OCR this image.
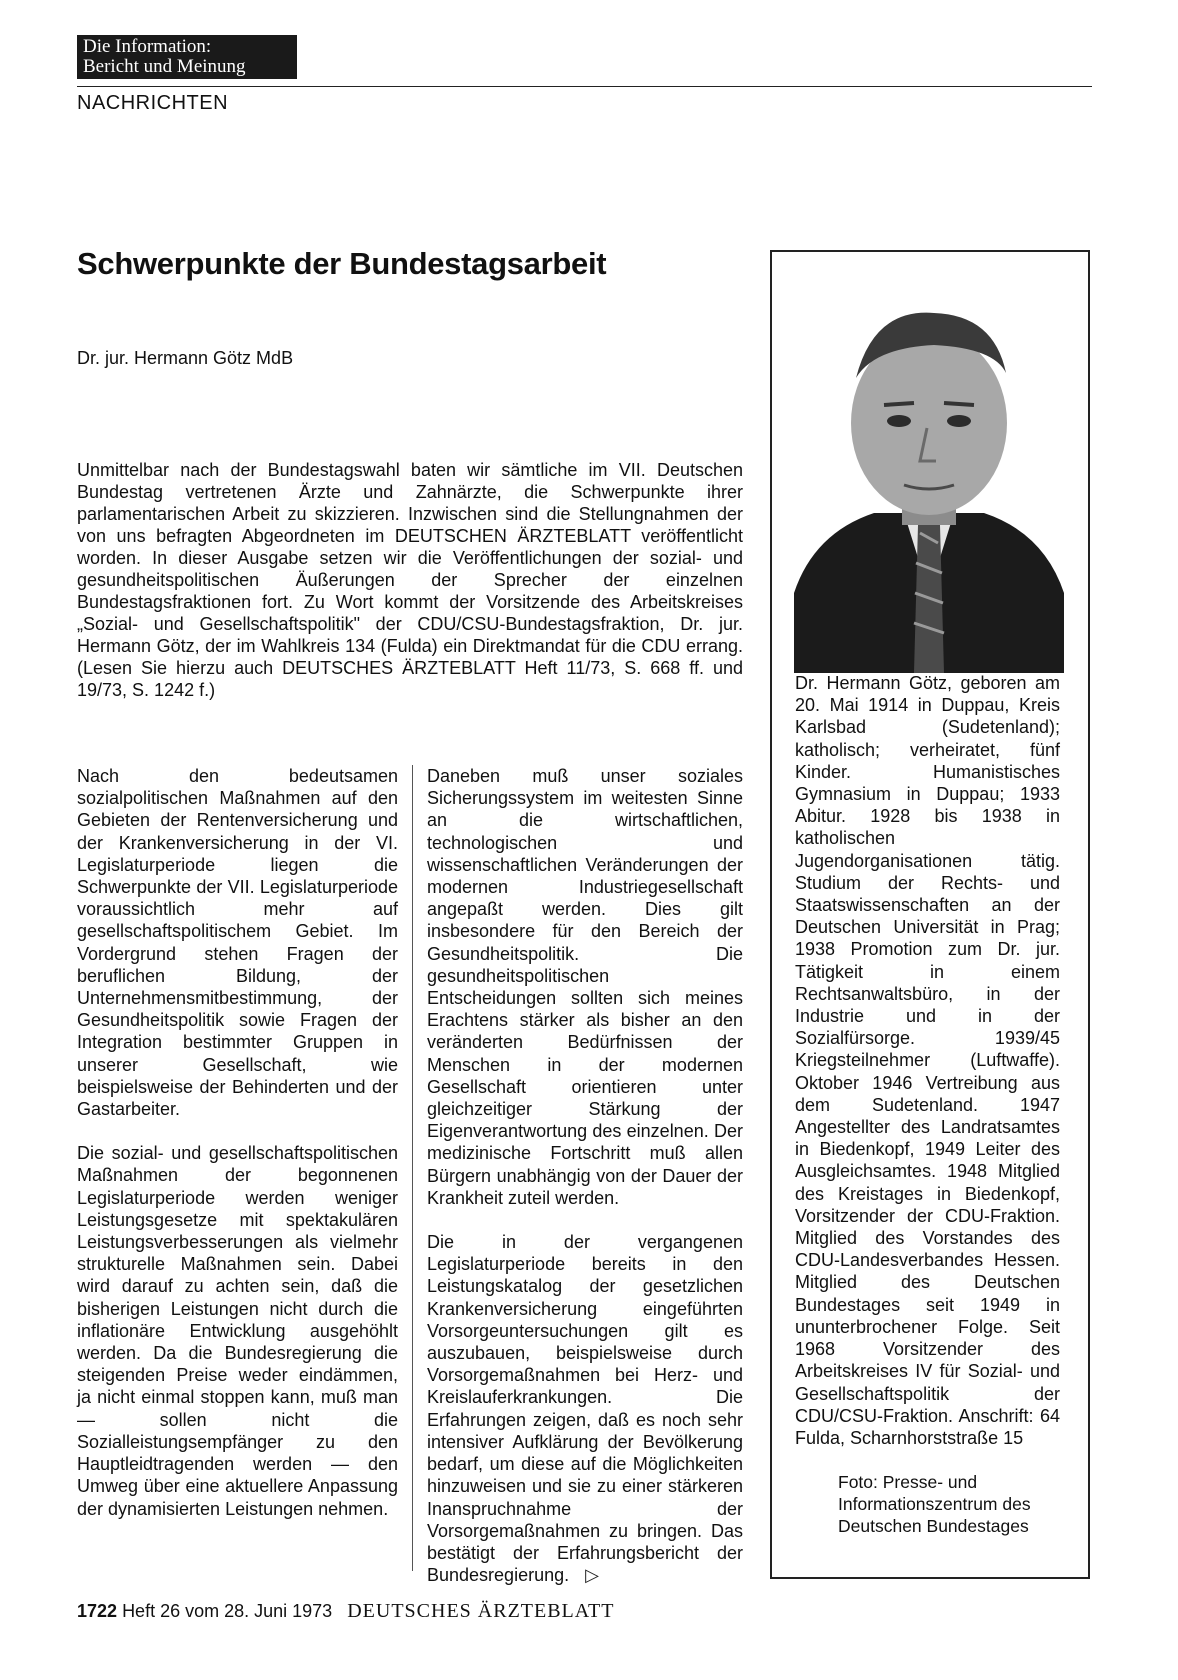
Die Information:
Bericht und Meinung
NACHRICHTEN
Schwerpunkte der Bundestagsarbeit
Dr. jur. Hermann Götz MdB
Unmittelbar nach der Bundestagswahl baten wir sämtliche im VII. Deutschen Bundestag vertretenen Ärzte und Zahnärzte, die Schwerpunkte ihrer parlamentarischen Arbeit zu skizzieren. Inzwischen sind die Stellungnahmen der von uns befragten Abgeordneten im DEUTSCHEN ÄRZTEBLATT veröffentlicht worden. In dieser Ausgabe setzen wir die Veröffentlichungen der sozial- und gesundheitspolitischen Äußerungen der Sprecher der einzelnen Bundestagsfraktionen fort. Zu Wort kommt der Vorsitzende des Arbeitskreises „Sozial- und Gesellschaftspolitik" der CDU/CSU-Bundestagsfraktion, Dr. jur. Hermann Götz, der im Wahlkreis 134 (Fulda) ein Direktmandat für die CDU errang. (Lesen Sie hierzu auch DEUTSCHES ÄRZTEBLATT Heft 11/73, S. 668 ff. und 19/73, S. 1242 f.)

Nach den bedeutsamen sozialpolitischen Maßnahmen auf den Gebieten der Rentenversicherung und der Krankenversicherung in der VI. Legislaturperiode liegen die Schwerpunkte der VII. Legislaturperiode voraussichtlich mehr auf gesellschaftspolitischem Gebiet. Im Vordergrund stehen Fragen der beruflichen Bildung, der Unternehmensmitbestimmung, der Gesundheitspolitik sowie Fragen der Integration bestimmter Gruppen in unserer Gesellschaft, wie beispielsweise der Behinderten und der Gastarbeiter.

Die sozial- und gesellschaftspolitischen Maßnahmen der begonnenen Legislaturperiode werden weniger Leistungsgesetze mit spektakulären Leistungsverbesserungen als vielmehr strukturelle Maßnahmen sein. Dabei wird darauf zu achten sein, daß die bisherigen Leistungen nicht durch die inflationäre Entwicklung ausgehöhlt werden. Da die Bundesregierung die steigenden Preise weder eindämmen, ja nicht einmal stoppen kann, muß man — sollen nicht die Sozialleistungsempfänger zu den Hauptleidtragenden werden — den Umweg über eine aktuellere Anpassung der dynamisierten Leistungen nehmen.

Daneben muß unser soziales Sicherungssystem im weitesten Sinne an die wirtschaftlichen, technologischen und wissenschaftlichen Veränderungen der modernen Industriegesellschaft angepaßt werden. Dies gilt insbesondere für den Bereich der Gesundheitspolitik. Die gesundheitspolitischen Entscheidungen sollten sich meines Erachtens stärker als bisher an den veränderten Bedürfnissen der Menschen in der modernen Gesellschaft orientieren unter gleichzeitiger Stärkung der Eigenverantwortung des einzelnen. Der medizinische Fortschritt muß allen Bürgern unabhängig von der Dauer der Krankheit zuteil werden.

Die in der vergangenen Legislaturperiode bereits in den Leistungskatalog der gesetzlichen Krankenversicherung eingeführten Vorsorgeuntersuchungen gilt es auszubauen, beispielsweise durch Vorsorgemaßnahmen bei Herz- und Kreislauferkrankungen. Die Erfahrungen zeigen, daß es noch sehr intensiver Aufklärung der Bevölkerung bedarf, um diese auf die Möglichkeiten hinzuweisen und sie zu einer stärkeren Inanspruchnahme der Vorsorgemaßnahmen zu bringen. Das bestätigt der Erfahrungsbericht der Bundesregierung. ▷

Dr. Hermann Götz, geboren am 20. Mai 1914 in Duppau, Kreis Karlsbad (Sudetenland); katholisch; verheiratet, fünf Kinder. Humanistisches Gymnasium in Duppau; 1933 Abitur. 1928 bis 1938 in katholischen Jugendorganisationen tätig. Studium der Rechts- und Staatswissenschaften an der Deutschen Universität in Prag; 1938 Promotion zum Dr. jur. Tätigkeit in einem Rechtsanwaltsbüro, in der Industrie und in der Sozialfürsorge. 1939/45 Kriegsteilnehmer (Luftwaffe). Oktober 1946 Vertreibung aus dem Sudetenland. 1947 Angestellter des Landratsamtes in Biedenkopf, 1949 Leiter des Ausgleichsamtes. 1948 Mitglied des Kreistages in Biedenkopf, Vorsitzender der CDU-Fraktion. Mitglied des Vorstandes des CDU-Landesverbandes Hessen. Mitglied des Deutschen Bundestages seit 1949 in ununterbrochener Folge. Seit 1968 Vorsitzender des Arbeitskreises IV für Sozial- und Gesellschaftspolitik der CDU/CSU-Fraktion. Anschrift: 64 Fulda, Scharnhorststraße 15
Foto: Presse- und
Informationszentrum des
Deutschen Bundestages
1722 Heft 26 vom 28. Juni 1973 DEUTSCHES ÄRZTEBLATT
